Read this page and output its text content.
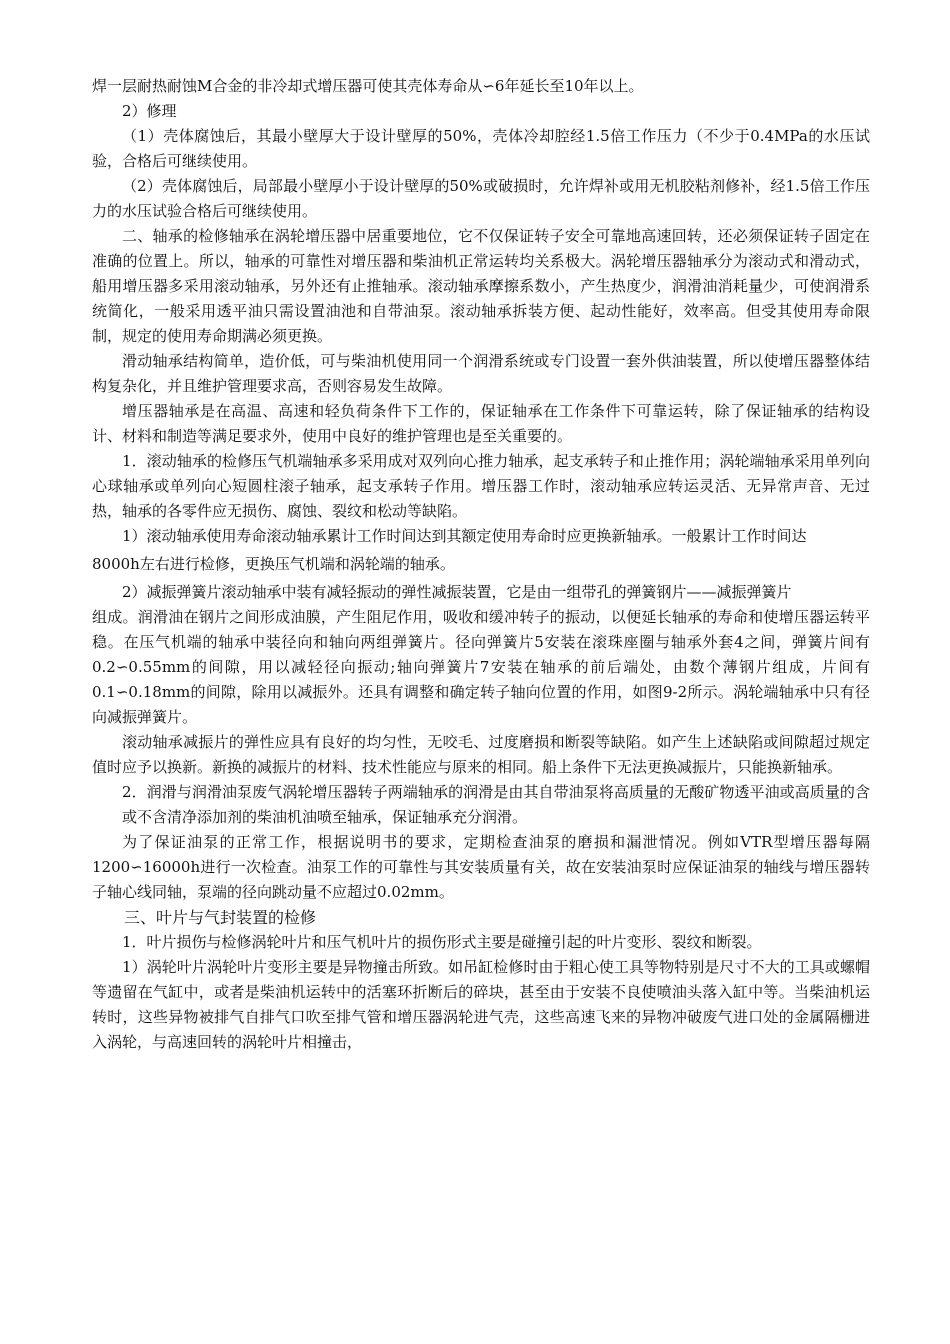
焊一层耐热耐蚀M合金的非冷却式增压器可使其壳体寿命从∽6年延长至10年以上。

2）修理

（1）壳体腐蚀后，其最小壁厚大于设计壁厚的50%，壳体冷却腔经1.5倍工作压力（不少于0.4MPa的水压试验，合格后可继续使用。

（2）壳体腐蚀后，局部最小壁厚小于设计壁厚的50%或破损时，允许焊补或用无机胶粘剂修补，经1.5倍工作压力的水压试验合格后可继续使用。

二、轴承的检修轴承在涡轮增压器中居重要地位，它不仅保证转子安全可靠地高速回转，还必须保证转子固定在准确的位置上。所以，轴承的可靠性对增压器和柴油机正常运转均关系极大。涡轮增压器轴承分为滚动式和滑动式，船用增压器多采用滚动轴承，另外还有止推轴承。滚动轴承摩擦系数小，产生热度少，润滑油消耗量少，可使润滑系统简化，一般采用透平油只需设置油池和自带油泵。滚动轴承拆装方便、起动性能好，效率高。但受其使用寿命限制，规定的使用寿命期满必须更换。

滑动轴承结构简单，造价低，可与柴油机使用同一个润滑系统或专门设置一套外供油装置，所以使增压器整体结构复杂化，并且维护管理要求高，否则容易发生故障。

增压器轴承是在高温、高速和轻负荷条件下工作的，保证轴承在工作条件下可靠运转，除了保证轴承的结构设计、材料和制造等满足要求外，使用中良好的维护管理也是至关重要的。

1．滚动轴承的检修压气机端轴承多采用成对双列向心推力轴承，起支承转子和止推作用；涡轮端轴承采用单列向心球轴承或单列向心短圆柱滚子轴承，起支承转子作用。增压器工作时，滚动轴承应转运灵活、无异常声音、无过热，轴承的各零件应无损伤、腐蚀、裂纹和松动等缺陷。

1）滚动轴承使用寿命滚动轴承累计工作时间达到其额定使用寿命时应更换新轴承。一般累计工作时间达

8000h左右进行检修，更换压气机端和涡轮端的轴承。

2）减振弹簧片滚动轴承中装有减轻振动的弹性减振装置，它是由一组带孔的弹簧钢片——减振弹簧片

组成。润滑油在钢片之间形成油膜，产生阻尼作用，吸收和缓冲转子的振动，以便延长轴承的寿命和使增压器运转平稳。在压气机端的轴承中装径向和轴向两组弹簧片。径向弹簧片5安装在滚珠座圈与轴承外套4之间，弹簧片间有0.2∽0.55mm的间隙，用以减轻径向振动;轴向弹簧片7安装在轴承的前后端处，由数个薄钢片组成，片间有0.1∽0.18mm的间隙，除用以减振外。还具有调整和确定转子轴向位置的作用，如图9-2所示。涡轮端轴承中只有径向减振弹簧片。

滚动轴承减振片的弹性应具有良好的均匀性，无咬毛、过度磨损和断裂等缺陷。如产生上述缺陷或间隙超过规定值时应予以换新。新换的减振片的材料、技术性能应与原来的相同。船上条件下无法更换减振片，只能换新轴承。

2．润滑与润滑油泵废气涡轮增压器转子两端轴承的润滑是由其自带油泵将高质量的无酸矿物透平油或高质量的含或不含清净添加剂的柴油机油喷至轴承，保证轴承充分润滑。

为了保证油泵的正常工作，根据说明书的要求，定期检查油泵的磨损和漏泄情况。例如VTR型增压器每隔1200∽16000h进行一次检查。油泵工作的可靠性与其安装质量有关，故在安装油泵时应保证油泵的轴线与增压器转子轴心线同轴，泵端的径向跳动量不应超过0.02mm。

三、叶片与气封装置的检修

1．叶片损伤与检修涡轮叶片和压气机叶片的损伤形式主要是碰撞引起的叶片变形、裂纹和断裂。

1）涡轮叶片涡轮叶片变形主要是异物撞击所致。如吊缸检修时由于粗心使工具等物特别是尺寸不大的工具或螺帽等遗留在气缸中，或者是柴油机运转中的活塞环折断后的碎块，甚至由于安装不良使喷油头落入缸中等。当柴油机运转时，这些异物被排气自排气口吹至排气管和增压器涡轮进气壳，这些高速飞来的异物冲破废气进口处的金属隔栅进入涡轮，与高速回转的涡轮叶片相撞击，
